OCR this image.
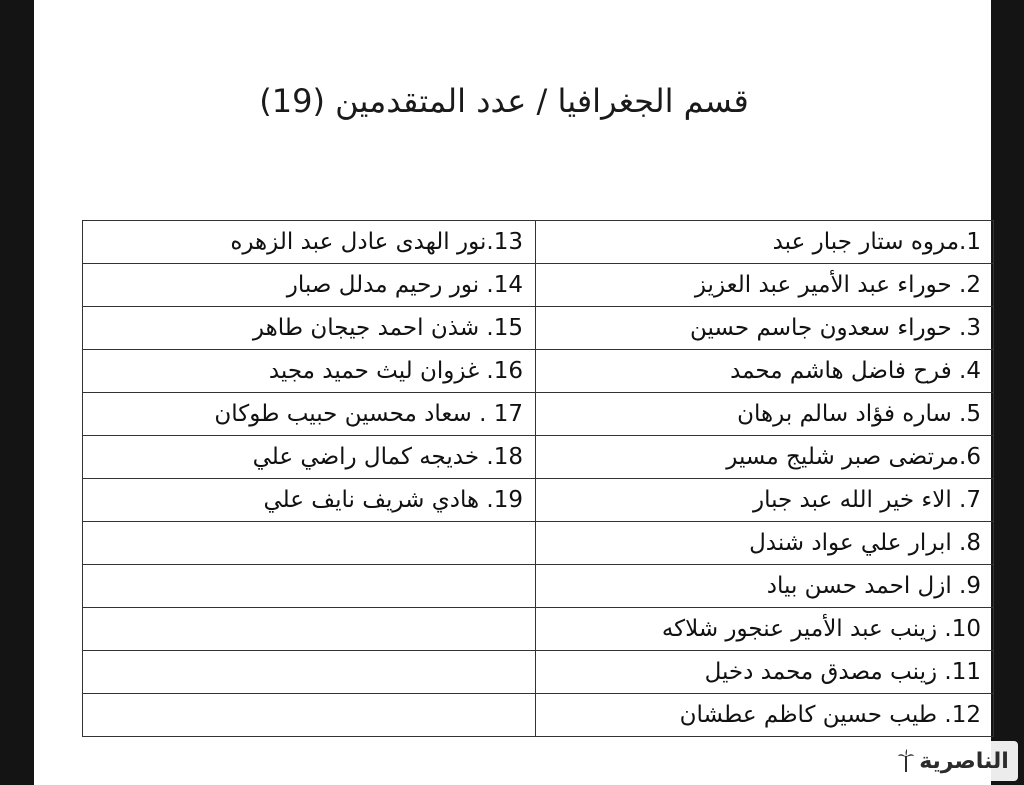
قسم الجغرافيا / عدد المتقدمين (19)
1.مروه ستار جبار عبد	13.نور الهدى عادل عبد الزهره
2. حوراء عبد الأمير عبد العزيز	14. نور رحيم مدلل صبار
3. حوراء سعدون جاسم حسين	15. شذن احمد جيجان طاهر
4. فرح فاضل هاشم محمد	16. غزوان ليث حميد مجيد
5. ساره فؤاد سالم برهان	17 . سعاد محسين حبيب طوكان
6.مرتضى صبر شليج مسير	18. خديجه كمال راضي علي
7. الاء خير الله عبد جبار	19. هادي شريف نايف علي
8. ابرار علي عواد شندل	
9. ازل احمد حسن بياد	
10. زينب عبد الأمير عنجور شلاكه	
11. زينب مصدق محمد دخيل	
12. طيب حسين كاظم عطشان	
الناصرية
